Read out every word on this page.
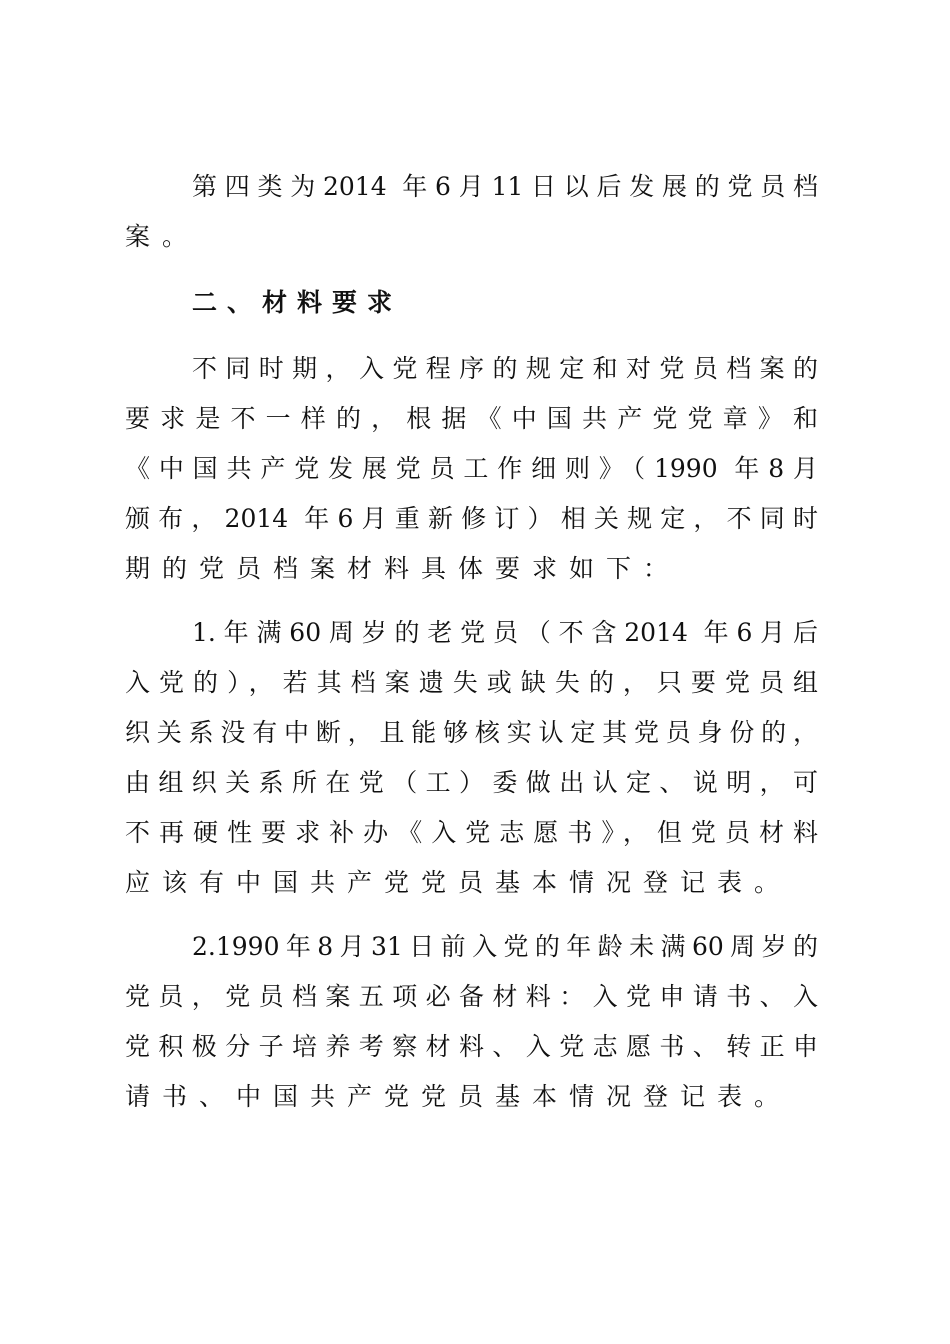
第四类为2014 年6月11日以后发展的党员档
案。
二、材料要求
不同时期，入党程序的规定和对党员档案的
要求是不一样的，根据《中国共产党党章》和
《中国共产党发展党员工作细则》（1990 年8月
颁布，2014 年6月重新修订）相关规定，不同时
期的党员档案材料具体要求如下：
1.年满60周岁的老党员（不含2014 年6月后
入党的），若其档案遗失或缺失的，只要党员组
织关系没有中断，且能够核实认定其党员身份的，
由组织关系所在党（工）委做出认定、说明，可
不再硬性要求补办《入党志愿书》，但党员材料
应该有中国共产党党员基本情况登记表。
2.1990年8月31日前入党的年龄未满60周岁的
党员，党员档案五项必备材料：入党申请书、入
党积极分子培养考察材料、入党志愿书、转正申
请书、中国共产党党员基本情况登记表。
